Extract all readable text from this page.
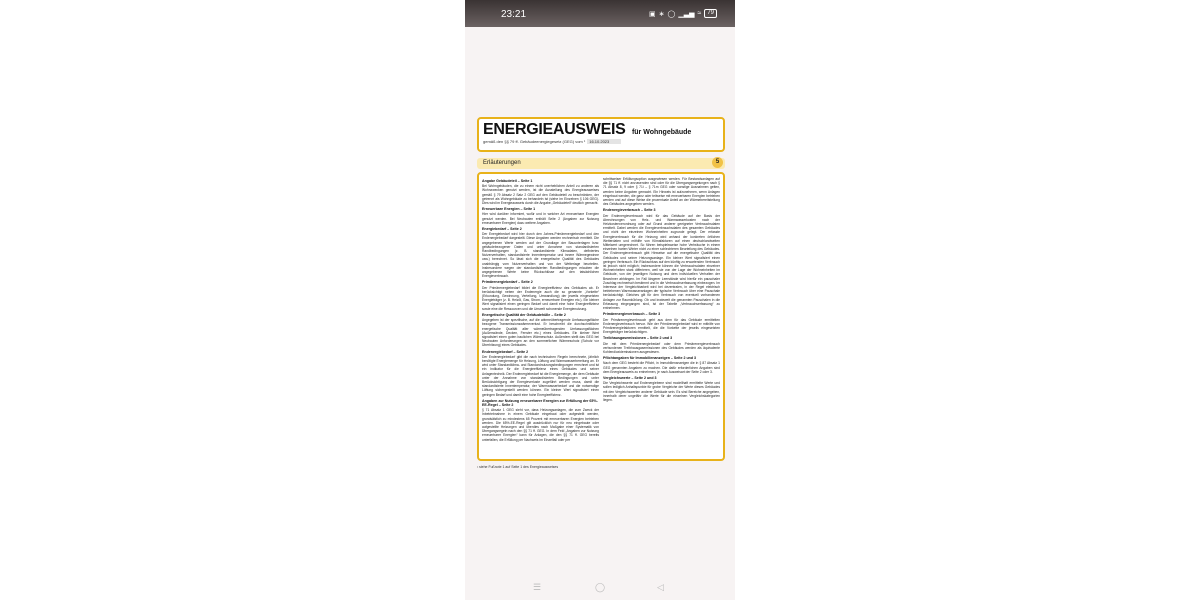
23:21	▣ ∗ ◯ ▁▃▅ ≈	79
ENERGIEAUSWEIS für Wohngebäude
gemäß den §§ 79 ff. Gebäudeenergiegesetz (GEG) vom ¹	16.10.2023
Erläuterungen	5
Angabe Gebäudeteil – Seite 1

Bei Wohngebäuden, die zu einem nicht unerheblichen Anteil zu anderen als Wohnzwecken genutzt werden, ist die Ausstellung des Energieausweises gemäß § 79 Absatz 2 Satz 2 GEG auf den Gebäudeteil zu beschränken, der getrennt als Wohngebäude zu behandeln ist (siehe im Einzelnen § 106 GEG). Dies wird im Energieausweis durch die Angabe „Gebäudeteil“ deutlich gemacht.

Erneuerbare Energien – Seite 1

Hier wird darüber informiert, wofür und in welcher Art erneuerbare Energien genutzt werden. Bei Neubauten enthält Seite 2 (Angaben zur Nutzung erneuerbarer Energien) dazu weitere Angaben.

Energiebedarf – Seite 2

Der Energiebedarf wird hier durch den Jahres-Primärenergiebedarf und den Endenergiebedarf dargestellt. Diese Angaben werden rechnerisch ermittelt. Die angegebenen Werte werden auf der Grundlage der Bauunterlagen bzw. gebäudebezogener Daten und unter Annahme von standardisierten Randbedingungen (z. B. standardisierte Klimadaten, definiertes Nutzerverhalten, standardisierte Innentemperatur und innere Wärmegewinne usw.) berechnet. So lässt sich die energetische Qualität des Gebäudes unabhängig vom Nutzerverhalten und von der Wetterlage beurteilen. Insbesondere wegen der standardisierten Randbedingungen erlauben die angegebenen Werte keine Rückschlüsse auf den tatsächlichen Energieverbrauch.

Primärenergiebedarf – Seite 2

Der Primärenergiebedarf bildet die Energieeffizienz des Gebäudes ab. Er berücksichtigt neben der Endenergie auch die so genannte „Vorkette“ (Erkundung, Gewinnung, Verteilung, Umwandlung) der jeweils eingesetzten Energieträger (z. B. Heizöl, Gas, Strom, erneuerbare Energien etc.). Ein kleiner Wert signalisiert einen geringen Bedarf und damit eine hohe Energieeffizienz sowie eine die Ressourcen und die Umwelt schonende Energienutzung.

Energetische Qualität der Gebäudehülle – Seite 2

Angegeben ist der spezifische, auf die wärmeübertragende Umfassungsfläche bezogene Transmissionswärmeverlust. Er beschreibt die durchschnittliche energetische Qualität aller wärmeübertragenden Umfassungsflächen (Außenwände, Decken, Fenster etc.) eines Gebäudes. Ein kleiner Wert signalisiert einen guten baulichen Wärmeschutz. Außerdem stellt das GEG bei Neubauten Anforderungen an den sommerlichen Wärmeschutz (Schutz vor Überhitzung) eines Gebäudes.

Endenergiebedarf – Seite 2

Der Endenergiebedarf gibt die nach technischen Regeln berechnete, jährlich benötigte Energiemenge für Heizung, Lüftung und Warmwasserbereitung an. Er wird unter Standardklima- und Standardnutzungsbedingungen errechnet und ist ein Indikator für die Energieeffizienz eines Gebäudes und seiner Anlagentechnik. Der Endenergiebedarf ist die Energiemenge, die dem Gebäude unter der Annahme von standardisierten Bedingungen und unter Berücksichtigung der Energieverluste zugeführt werden muss, damit die standardisierte Innentemperatur, der Warmwasserbedarf und die notwendige Lüftung sichergestellt werden können. Ein kleiner Wert signalisiert einen geringen Bedarf und damit eine hohe Energieeffizienz.

Angaben zur Nutzung erneuerbarer Energien zur Erfüllung der 65%-EE-Regel – Seite 2

§ 71 Absatz 1 GEG sieht vor, dass Heizungsanlagen, die zum Zweck der Inbetriebnahme in einem Gebäude eingebaut oder aufgestellt werden, grundsätzlich zu mindestens 65 Prozent mit erneuerbaren Energien betrieben werden. Die 65%-EE-Regel gilt ausdrücklich nur für neu eingebaute oder aufgestellte Heizungen und überdies nach Maßgabe einer Systematik von Übergangsregeln nach den §§ 71 ff. GEG. In dem Feld „Angaben zur Nutzung erneuerbarer Energien“ kann für Anlagen, die den §§ 71 ff. GEG bereits unterfallen, die Erfüllung per Nachweis im Einzelfall oder per

schrittweiser Erfüllungsoption ausgewiesen werden. Für Bestandsanlagen auf die §§ 71 ff. nicht anzuwenden sind oder für die Übergangsregelungen nach § 71 Absatz 8, 9 oder § 71i – § 71m GEG oder sonstige Ausnahmen gelten, werden keine Angaben gemacht. Ein Hinweis ist aufzunehmen, wenn Anlagen eingebaut werden, die ganz oder teilweise mit erneuerbaren Energien betrieben werden und auf diese Weise die prozentuale Anteil an der Wärmebereitstellung des Gebäudes angegeben werden.

Endenergieverbrauch – Seite 3

Der Endenergieverbrauch wird für das Gebäude auf der Basis der Abrechnungen von Heiz- und Warmwasserkosten nach der Heizkostenverordnung oder auf Grund anderer geeigneter Verbrauchsdaten ermittelt. Dabei werden die Energieverbrauchsdaten des gesamten Gebäudes und nicht der einzelnen Wohneinheiten zugrunde gelegt. Der erfasste Energieverbrauch für die Heizung wird anhand der konkreten örtlichen Wetterdaten und mithilfe von Klimafaktoren auf einen deutschlandweiten Mittelwert umgerechnet. So führen beispielsweise hohe Verbräuche in einem einzelnen harten Winter nicht zu einer schlechteren Beurteilung des Gebäudes. Der Endenergieverbrauch gibt Hinweise auf die energetische Qualität des Gebäudes und seiner Heizungsanlage. Ein kleiner Wert signalisiert einen geringen Verbrauch. Ein Rückschluss auf den künftig zu erwartenden Verbrauch ist jedoch nicht möglich; insbesondere können die Verbrauchsdaten einzelner Wohneinheiten stark differieren, weil sie von der Lage der Wohneinheiten im Gebäude, von der jeweiligen Nutzung und dem individuellen Verhalten der Bewohner abhängen. Im Fall längerer Leerstände wird hierfür ein pauschaler Zuschlag rechnerisch bestimmt und in die Verbrauchserfassung einbezogen. Im Interesse der Vergleichbarkeit wird bei dezentralen, in der Regel elektrisch betriebenen Warmwasseranlagen der typische Verbrauch über eine Pauschale berücksichtigt. Gleiches gilt für den Verbrauch von eventuell vorhandenen Anlagen zur Raumkühlung. Ob und inwieweit die genannten Pauschalen in die Erfassung eingegangen sind, ist der Tabelle „Verbrauchserfassung“ zu entnehmen.

Primärenergieverbrauch – Seite 3

Der Primärenergieverbrauch geht aus dem für das Gebäude ermittelten Endenergieverbrauch hervor. Wie der Primärenergiebedarf wird er mithilfe von Primärenergiefaktoren ermittelt, die die Vorkette der jeweils eingesetzten Energieträger berücksichtigen.

Treibhausgasemissionen – Seite 2 und 3

Die mit dem Primärenergiebedarf oder dem Primärenergieverbrauch verbundenen Treibhausgasemissionen des Gebäudes werden als äquivalente Kohlendioxidemissionen ausgewiesen.

Pflichtangaben für Immobilienanzeigen – Seite 2 und 3

Nach dem GEG besteht die Pflicht, in Immobilienanzeigen die in § 87 Absatz 1 GEG genannten Angaben zu machen. Die dafür erforderlichen Angaben sind dem Energieausweis zu entnehmen, je nach Ausweisart der Seite 2 oder 3.

Vergleichswerte – Seite 2 und 3

Die Vergleichswerte auf Endenergiebene sind modellhaft ermittelte Werte und sollen lediglich Anhaltspunkte für grobe Vergleiche der Werte dieses Gebäudes mit den Vergleichswerten anderer Gebäude sein. Es sind Bereiche angegeben, innerhalb derer ungefähr die Werte für die einzelnen Vergleichskategorien liegen.

¹ siehe Fußnote 1 auf Seite 1 des Energieausweises
☰	◯	◁
